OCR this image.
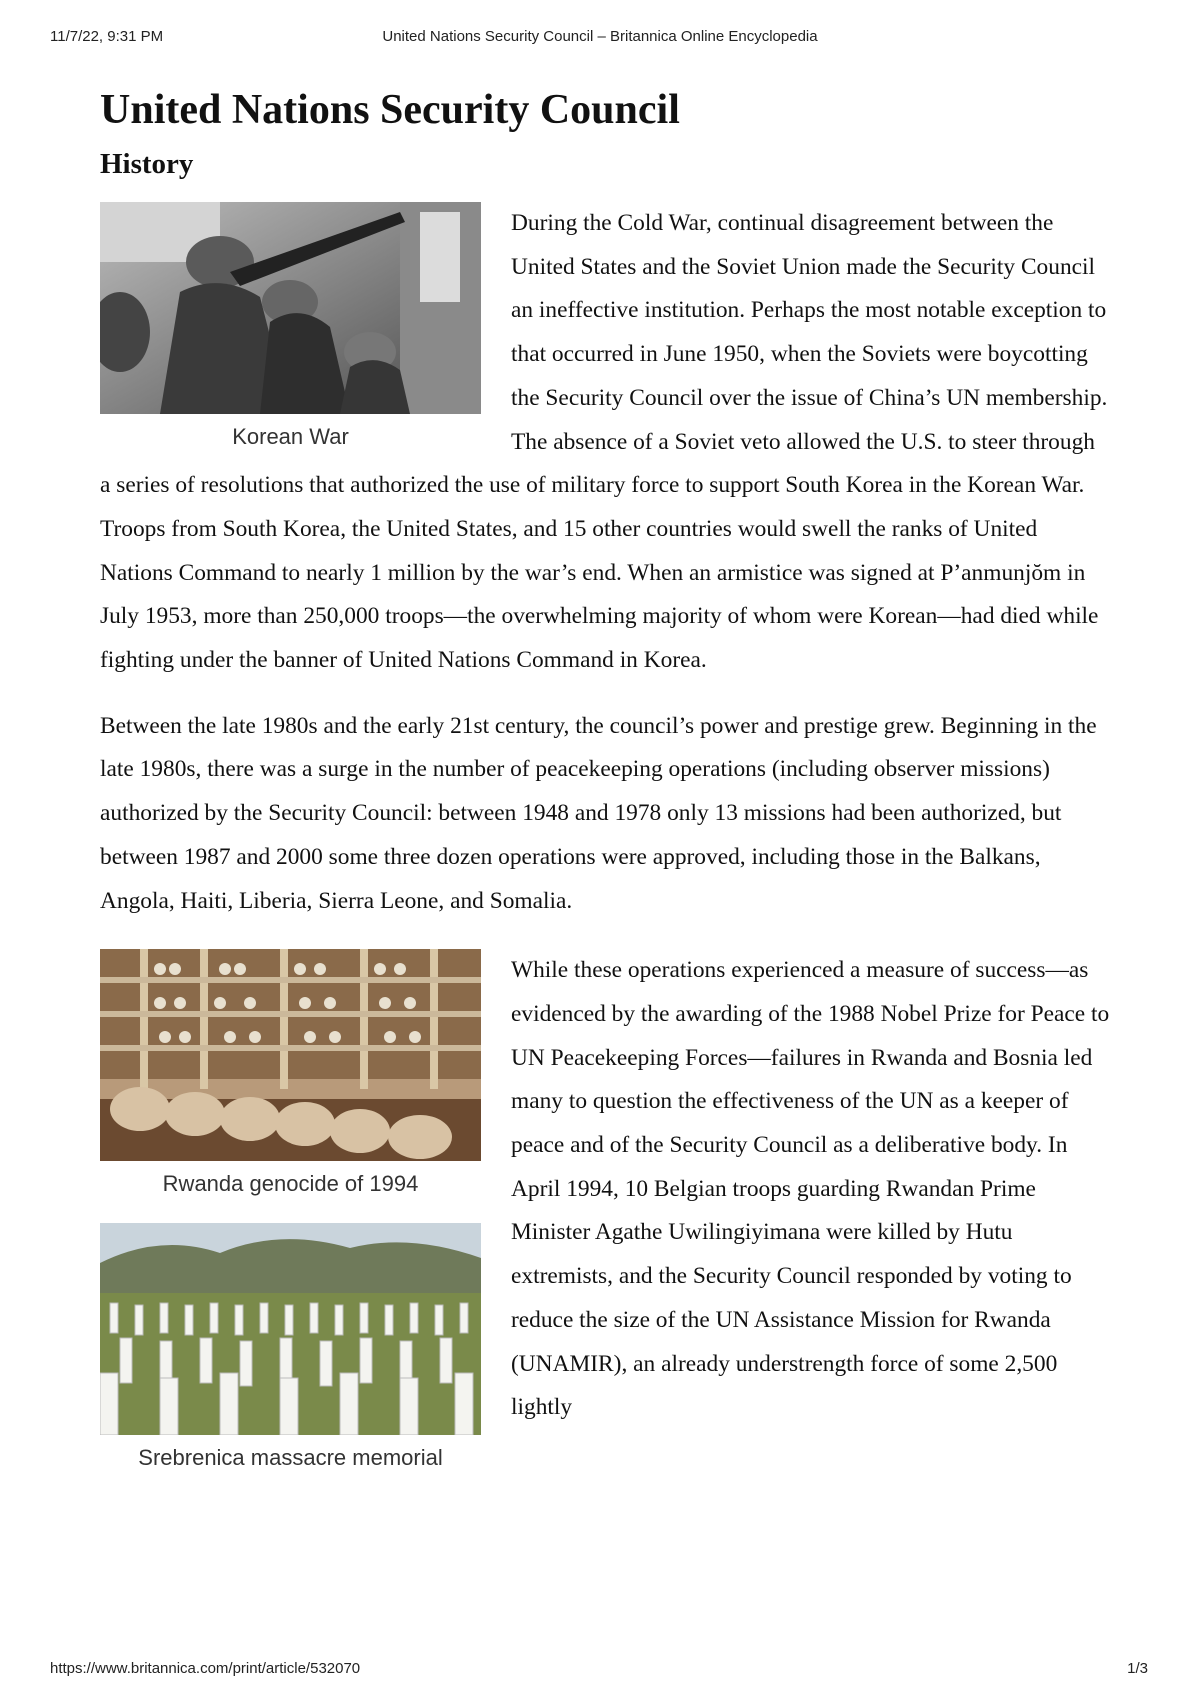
11/7/22, 9:31 PM	United Nations Security Council – Britannica Online Encyclopedia
United Nations Security Council
History
Korean War

During the Cold War, continual disagreement between the United States and the Soviet Union made the Security Council an ineffective institution. Perhaps the most notable exception to that occurred in June 1950, when the Soviets were boycotting the Security Council over the issue of China’s UN membership. The absence of a Soviet veto allowed the U.S. to steer through a series of resolutions that authorized the use of military force to support South Korea in the Korean War. Troops from South Korea, the United States, and 15 other countries would swell the ranks of United Nations Command to nearly 1 million by the war’s end. When an armistice was signed at P’anmunjŏm in July 1953, more than 250,000 troops—the overwhelming majority of whom were Korean—had died while fighting under the banner of United Nations Command in Korea.

Between the late 1980s and the early 21st century, the council’s power and prestige grew. Beginning in the late 1980s, there was a surge in the number of peacekeeping operations (including observer missions) authorized by the Security Council: between 1948 and 1978 only 13 missions had been authorized, but between 1987 and 2000 some three dozen operations were approved, including those in the Balkans, Angola, Haiti, Liberia, Sierra Leone, and Somalia.

Rwanda genocide of 1994
Srebrenica massacre memorial

While these operations experienced a measure of success—as evidenced by the awarding of the 1988 Nobel Prize for Peace to UN Peacekeeping Forces—failures in Rwanda and Bosnia led many to question the effectiveness of the UN as a keeper of peace and of the Security Council as a deliberative body. In April 1994, 10 Belgian troops guarding Rwandan Prime Minister Agathe Uwilingiyimana were killed by Hutu extremists, and the Security Council responded by voting to reduce the size of the UN Assistance Mission for Rwanda (UNAMIR), an already understrength force of some 2,500 lightly

https://www.britannica.com/print/article/532070	1/3
